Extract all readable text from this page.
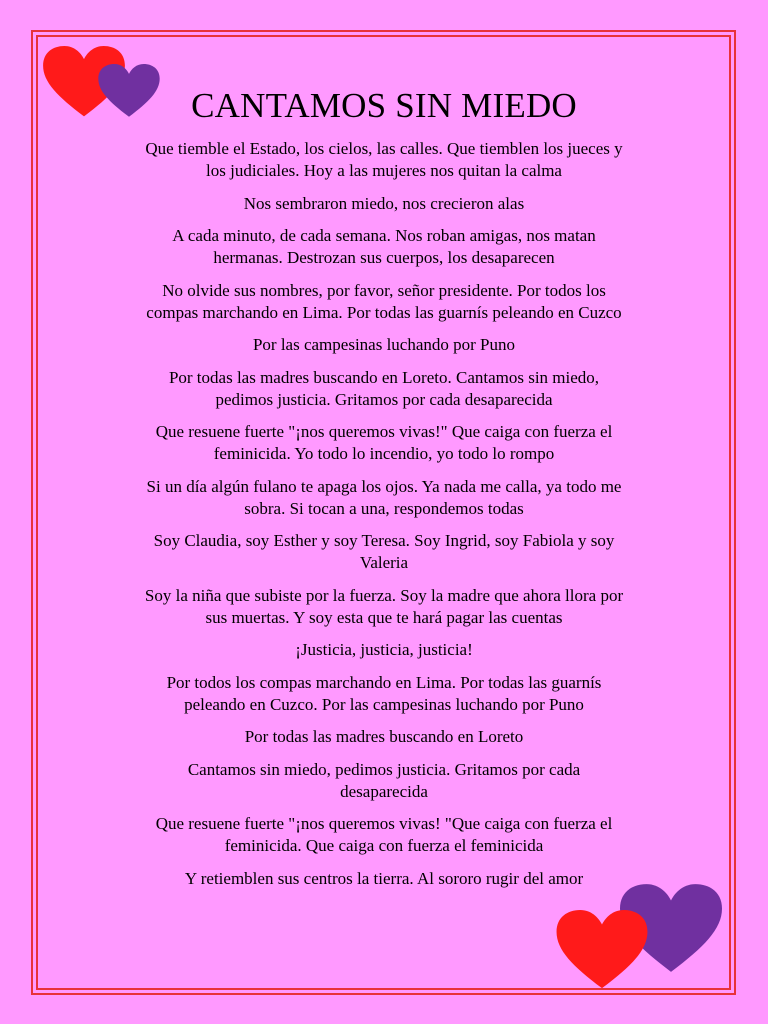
CANTAMOS SIN MIEDO

Que tiemble el Estado, los cielos, las calles. Que tiemblen los jueces y
los judiciales. Hoy a las mujeres nos quitan la calma

Nos sembraron miedo, nos crecieron alas

A cada minuto, de cada semana. Nos roban amigas, nos matan
hermanas. Destrozan sus cuerpos, los desaparecen

No olvide sus nombres, por favor, señor presidente. Por todos los
compas marchando en Lima. Por todas las guarnís peleando en Cuzco

Por las campesinas luchando por Puno

Por todas las madres buscando en Loreto. Cantamos sin miedo,
pedimos justicia. Gritamos por cada desaparecida

Que resuene fuerte "¡nos queremos vivas!" Que caiga con fuerza el
feminicida. Yo todo lo incendio, yo todo lo rompo

Si un día algún fulano te apaga los ojos. Ya nada me calla, ya todo me
sobra. Si tocan a una, respondemos todas

Soy Claudia, soy Esther y soy Teresa. Soy Ingrid, soy Fabiola y soy
Valeria

Soy la niña que subiste por la fuerza. Soy la madre que ahora llora por
sus muertas. Y soy esta que te hará pagar las cuentas

¡Justicia, justicia, justicia!

Por todos los compas marchando en Lima. Por todas las guarnís
peleando en Cuzco. Por las campesinas luchando por Puno

Por todas las madres buscando en Loreto

Cantamos sin miedo, pedimos justicia. Gritamos por cada
desaparecida

Que resuene fuerte "¡nos queremos vivas! "Que caiga con fuerza el
feminicida. Que caiga con fuerza el feminicida

Y retiemblen sus centros la tierra. Al sororo rugir del amor
